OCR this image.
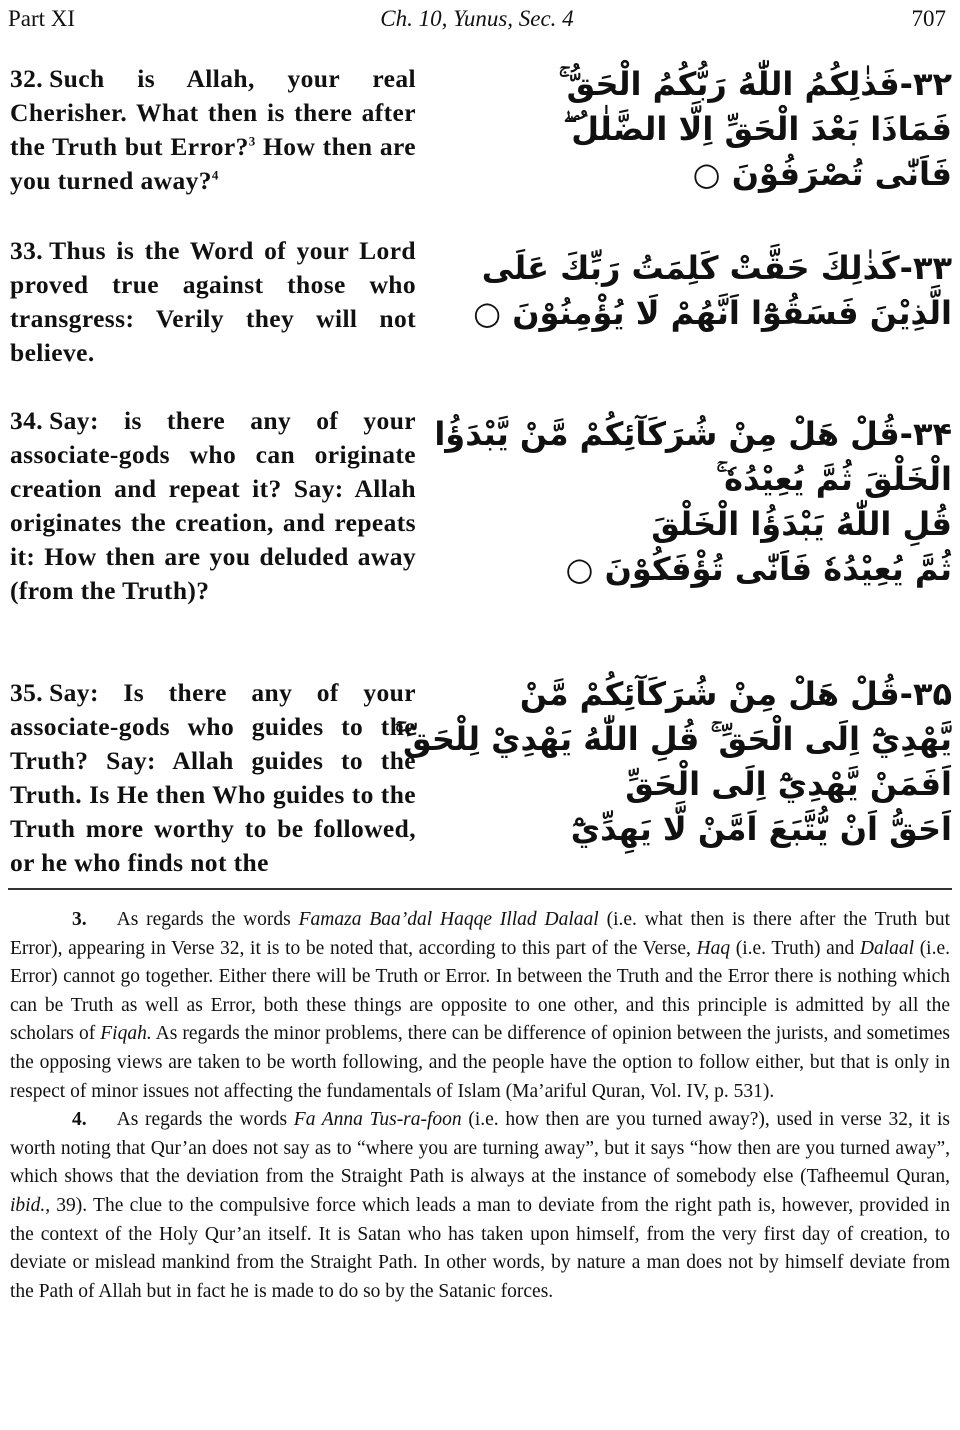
Part XI	Ch. 10, Yunus, Sec. 4	707
32. Such is Allah, your real Cherisher. What then is there after the Truth but Error?$^3$ How then are you turned away?$^4$
۳۲-فَذٰلِكُمُ اللّٰهُ رَبُّكُمُ الْحَقُّ ۚ
فَمَاذَا بَعْدَ الْحَقِّ اِلَّا الضَّلٰلُ ۖ
فَاَنّٰى تُصْرَفُوْنَ ○
33. Thus is the Word of your Lord proved true against those who transgress: Verily they will not believe.
۳۳-كَذٰلِكَ حَقَّتْ كَلِمَتُ رَبِّكَ عَلَى
الَّذِيْنَ فَسَقُوْٓا اَنَّهُمْ لَا يُؤْمِنُوْنَ ○
34. Say: is there any of your associate-gods who can originate creation and repeat it? Say: Allah originates the creation, and repeats it: How then are you deluded away (from the Truth)?
۳۴-قُلْ هَلْ مِنْ شُرَكَآئِكُمْ مَّنْ يَّبْدَؤُا
الْخَلْقَ ثُمَّ يُعِيْدُهٗ ۚ
قُلِ اللّٰهُ يَبْدَؤُا الْخَلْقَ
ثُمَّ يُعِيْدُهٗ فَاَنّٰى تُؤْفَكُوْنَ ○
35. Say: Is there any of your associate-gods who guides to the Truth? Say: Allah guides to the Truth. Is He then Who guides to the Truth more worthy to be followed, or he who finds not the
۳۵-قُلْ هَلْ مِنْ شُرَكَآئِكُمْ مَّنْ
يَّهْدِيْٓ اِلَى الْحَقِّ ۚ قُلِ اللّٰهُ يَهْدِيْ لِلْحَقِّ ۚ
اَفَمَنْ يَّهْدِيْٓ اِلَى الْحَقِّ
اَحَقُّ اَنْ يُّتَّبَعَ اَمَّنْ لَّا يَهِدِّيْٓ

3. As regards the words Famaza Baa’dal Haqqe Illad Dalaal (i.e. what then is there after the Truth but Error), appearing in Verse 32, it is to be noted that, according to this part of the Verse, Haq (i.e. Truth) and Dalaal (i.e. Error) cannot go together. Either there will be Truth or Error. In between the Truth and the Error there is nothing which can be Truth as well as Error, both these things are opposite to one other, and this principle is admitted by all the scholars of Fiqah. As regards the minor problems, there can be difference of opinion between the jurists, and sometimes the opposing views are taken to be worth following, and the people have the option to follow either, but that is only in respect of minor issues not affecting the fundamentals of Islam (Ma’ariful Quran, Vol. IV, p. 531).

4. As regards the words Fa Anna Tus-ra-foon (i.e. how then are you turned away?), used in verse 32, it is worth noting that Qur’an does not say as to “where you are turning away”, but it says “how then are you turned away”, which shows that the deviation from the Straight Path is always at the instance of somebody else (Tafheemul Quran, ibid., 39). The clue to the compulsive force which leads a man to deviate from the right path is, however, provided in the context of the Holy Qur’an itself. It is Satan who has taken upon himself, from the very first day of creation, to deviate or mislead mankind from the Straight Path. In other words, by nature a man does not by himself deviate from the Path of Allah but in fact he is made to do so by the Satanic forces.
